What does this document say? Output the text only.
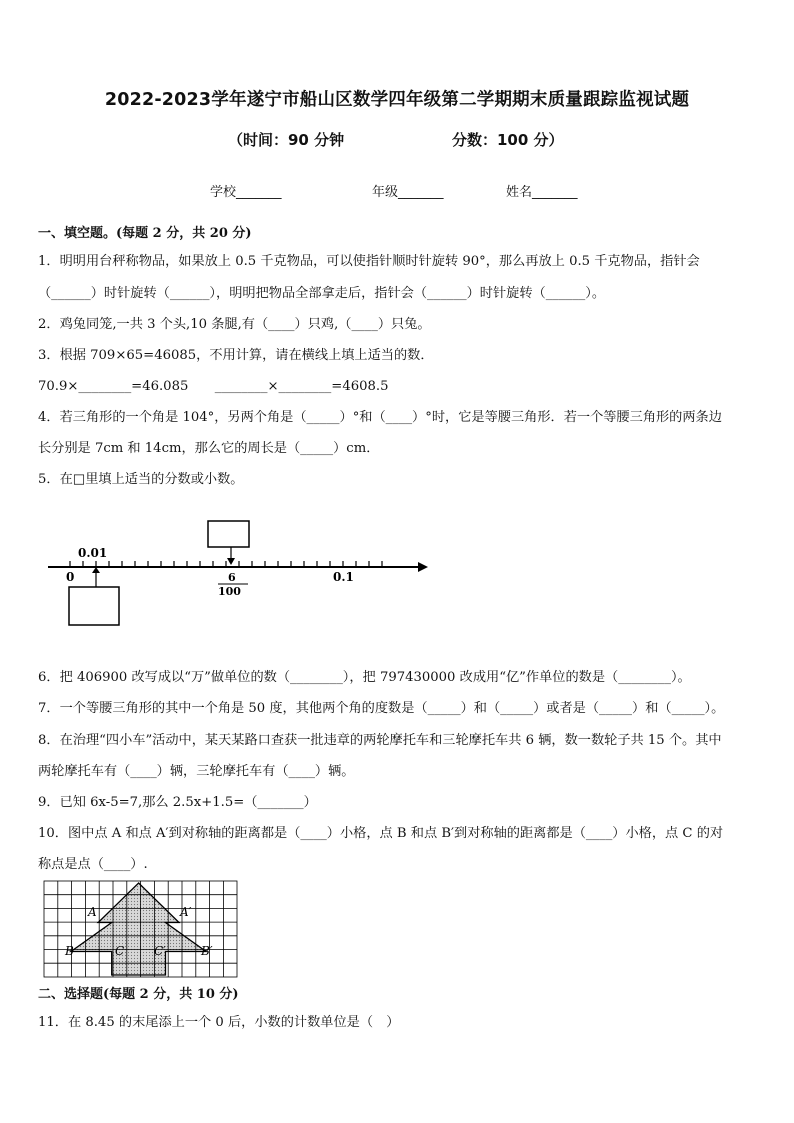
2022-2023学年遂宁市船山区数学四年级第二学期期末质量跟踪监视试题
（时间：90 分钟	分数：100 分）
学校_______	年级_______	姓名_______
一、填空题。(每题 2 分，共 20 分)
1．明明用台秤称物品，如果放上 0.5 千克物品，可以使指针顺时针旋转 90°，那么再放上 0.5 千克物品，指针会
（______）时针旋转（______），明明把物品全部拿走后，指针会（______）时针旋转（______）。
2．鸡兔同笼,一共 3 个头,10 条腿,有（____）只鸡,（____）只兔。
3．根据 709×65=46085，不用计算，请在横线上填上适当的数．
70.9×________=46.085　　________×________=4608.5
4．若三角形的一个角是 104°，另两个角是（_____）°和（____）°时，它是等腰三角形．若一个等腰三角形的两条边
长分别是 7cm 和 14cm，那么它的周长是（_____）cm．
5．在□里填上适当的分数或小数。
0
0.01
6
100
0.1
6．把 406900 改写成以“万”做单位的数（________），把 797430000 改成用“亿”作单位的数是（________）。
7．一个等腰三角形的其中一个角是 50 度，其他两个角的度数是（_____）和（_____）或者是（_____）和（_____）。
8．在治理“四小车”活动中，某天某路口查获一批违章的两轮摩托车和三轮摩托车共 6 辆，数一数轮子共 15 个。其中
两轮摩托车有（____）辆，三轮摩托车有（____）辆。
9．已知 6x-5=7,那么 2.5x+1.5=（_______）
10．图中点 A 和点 A′到对称轴的距离都是（____）小格，点 B 和点 B′到对称轴的距离都是（____）小格，点 C 的对
称点是点（____）.
A	A′
B	B′
C C′
二、选择题(每题 2 分，共 10 分)
11．在 8.45 的末尾添上一个 0 后，小数的计数单位是（　）
